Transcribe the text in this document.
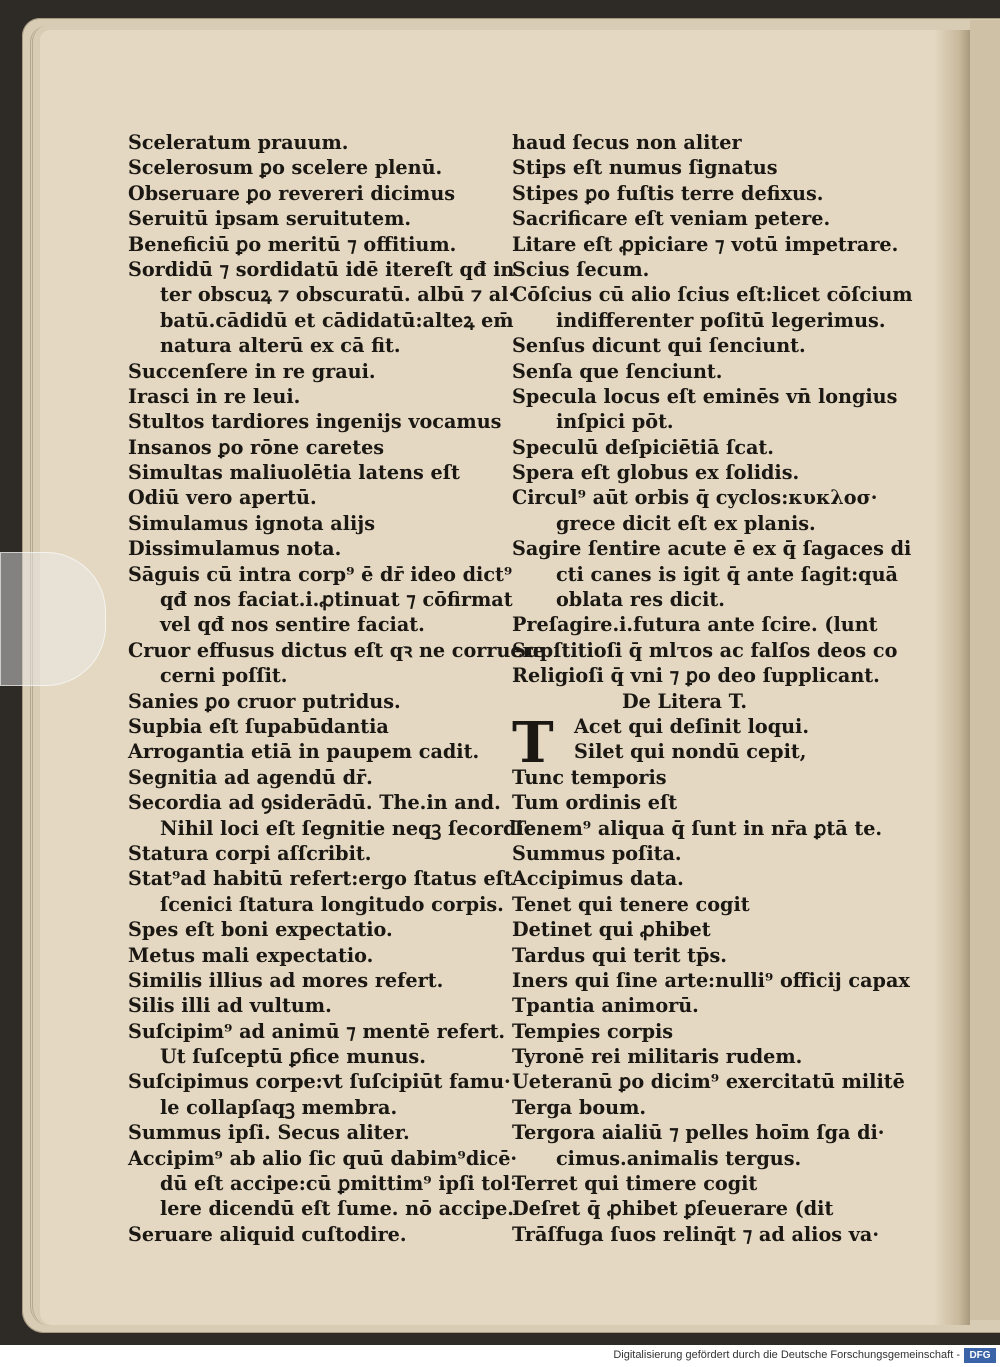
Sceleratum prauum.
Scelerosum ꝑo scelere plenū.
Obseruare ꝑo revereri dicimus
Seruitū ipsam seruitutem.
Beneficiū ꝑo meritū ⁊ offitium.
Sordidū ⁊ sordidatū idē itereſt qđ in
ter obscuꝝ ⁊ obscuratū. albū ⁊ al·
batū.cādidū et cādidatū:alteꝝ em̄
natura alterū ex cā fit.
Succenſere in re graui.
Irasci in re leui.
Stultos tardiores ingenijs vocamus
Insanos ꝑo rōne caretes
Simultas maliuolētia latens eſt
Odiū vero apertū.
Simulamus ignota alijs
Dissimulamus nota.
Sāguis cū intra corp⁹ ē dr̄ ideo dict⁹
qđ nos faciat.i.ꝓtinuat ⁊ cōfirmat
vel qđ nos sentire faciat.
Cruor effusus dictus eſt qꝛ ne corruere
cerni poſſit.
Sanies ꝑo cruor putridus.
Supbia eſt ſupabūdantia
Arrogantia etiā in paupem cadit.
Segnitia ad agendū dr̄.
Secordia ad ꝯsiderādū. The.in and.
Nihil loci eſt ſegnitie neqꝫ ſecordie.
Statura corpi aſſcribit.
Stat⁹ad habitū refert:ergo ſtatus eſt
ſcenici ſtatura longitudo corpis.
Spes eſt boni expectatio.
Metus mali expectatio.
Similis illius ad mores refert.
Silis illi ad vultum.
Suſcipim⁹ ad animū ⁊ mentē refert.
Ut ſuſceptū ꝑfice munus.
Suſcipimus corpe:vt ſuſcipiūt famu·
le collapſaqꝫ membra.
Summus ipſi. Secus aliter.
Accipim⁹ ab alio ſic quū dabim⁹dicē·
dū eſt accipe:cū ꝑmittim⁹ ipſi tol·
lere dicendū eſt ſume. nō accipe.
Seruare aliquid cuſtodire.
haud ſecus non aliter
Stips eſt numus ſignatus
Stipes ꝑo fuſtis terre defixus.
Sacrificare eſt veniam petere.
Litare eſt ꝓpiciare ⁊ votū impetrare.
Scius ſecum.
Cōſcius cū alio ſcius eſt:licet cōſcium
indifferenter poſitū legerimus.
Senſus dicunt qui ſenciunt.
Senſa que ſenciunt.
Specula locus eſt eminēs vn̄ longius
inſpici pōt.
Speculū deſpiciētiā ſcat.
Spera eſt globus ex ſolidis.
Circul⁹ aūt orbis q̄ cyclos:κυκλοσ·
grece dicit eſt ex planis.
Sagire ſentire acute ē ex q̄ ſagaces di
cti canes is igit q̄ ante ſagit:quā
oblata res dicit.
Preſagire.i.futura ante ſcire. (lunt
Supſtitioſi q̄ mlτos ac falſos deos co
Religioſi q̄ vni ⁊ ꝑo deo ſupplicant.
De Litera T.
Acet qui deſinit loqui.
Silet qui nondū cepit,
Tunc temporis
Tum ordinis eſt
Tenem⁹ aliqua q̄ ſunt in nr̄a ꝑtā te.
Summus poſita.
Accipimus data.
Tenet qui tenere cogit
Detinet qui ꝓhibet
Tardus qui terit tp̄s.
Iners qui ſine arte:nulli⁹ officij capax
Tpantia animorū.
Tempies corpis
Tyronē rei militaris rudem.
Ueteranū ꝑo dicim⁹ exercitatū militē
Terga boum.
Tergora aialiū ⁊ pelles hoīm ſga di·
cimus.animalis tergus.
Terret qui timere cogit
Deſret q̄ ꝓhibet ꝑſeuerare (dit
Trāſfuga ſuos relinq̄t ⁊ ad alios va·
T
Digitalisierung gefördert durch die Deutsche Forschungsgemeinschaft - DFG
